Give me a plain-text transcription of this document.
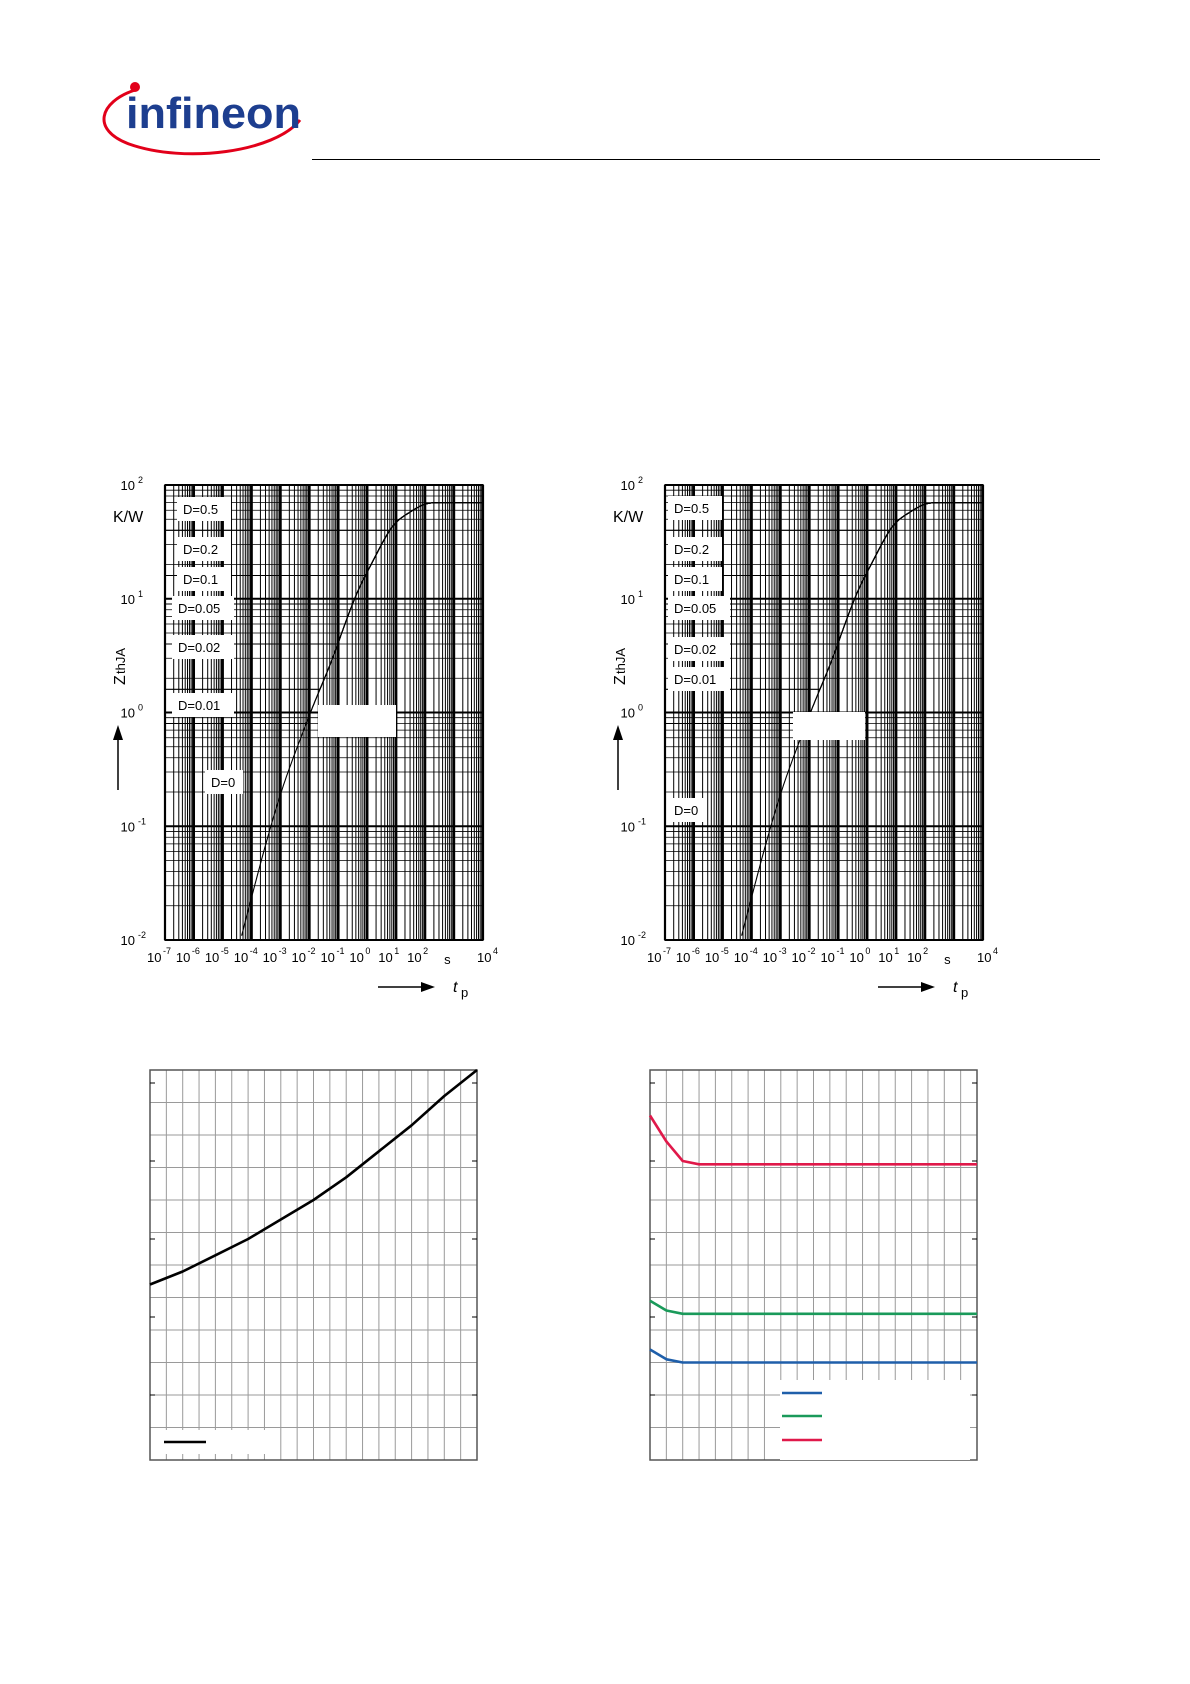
infineon
D=0.5
D=0.2
D=0.1
D=0.05
D=0.02
D=0.01
D=0
10 -2
10 -1
10 0
10 1
10 2
10 -7 10 -6 10 -5 10 -4 10 -3 10 -2 10 -1 10 0 10 1 10 2	10 4
s
K/W
Z
thJA
t p
D=0.5
D=0.2
D=0.1
D=0.05
D=0.02
D=0.01
D=0
10 -2
10 -1
10 0
10 1
10 2
10 -7 10 -6 10 -5 10 -4 10 -3 10 -2 10 -1 10 0 10 1 10 2	10 4
s
K/W
Z
thJA
t p
